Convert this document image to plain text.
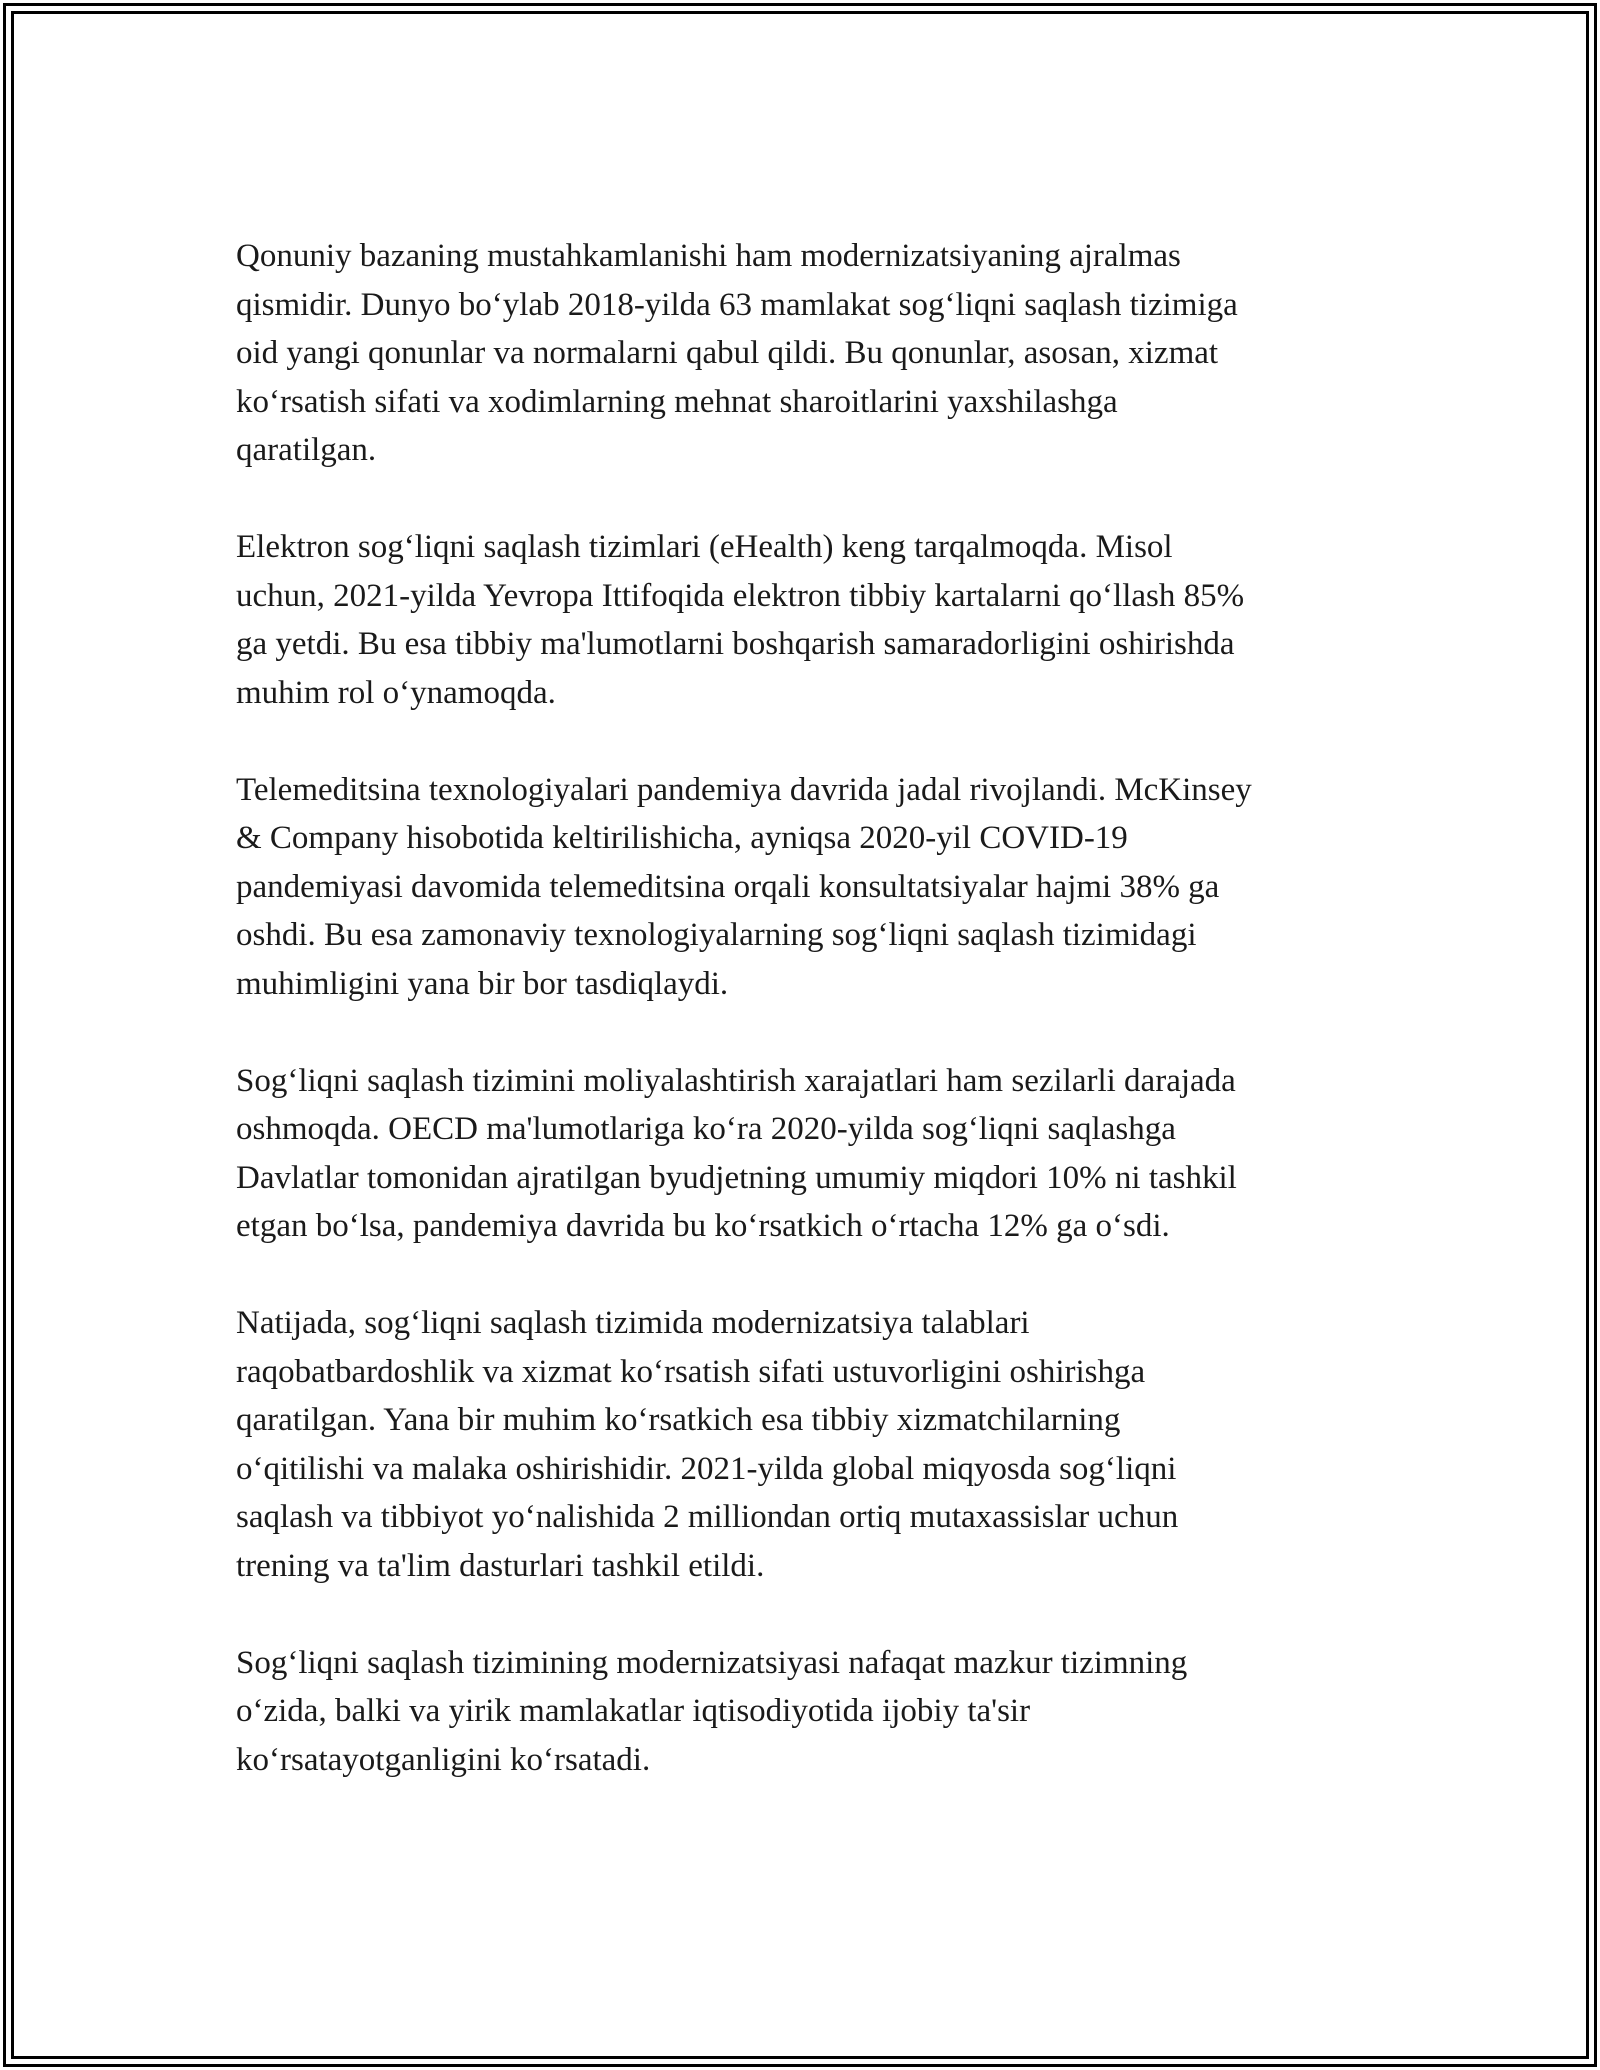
Qonuniy bazaning mustahkamlanishi ham modernizatsiyaning ajralmas
qismidir. Dunyo bo‘ylab 2018-yilda 63 mamlakat sog‘liqni saqlash tizimiga
oid yangi qonunlar va normalarni qabul qildi. Bu qonunlar, asosan, xizmat
ko‘rsatish sifati va xodimlarning mehnat sharoitlarini yaxshilashga
qaratilgan.

Elektron sog‘liqni saqlash tizimlari (eHealth) keng tarqalmoqda. Misol
uchun, 2021-yilda Yevropa Ittifoqida elektron tibbiy kartalarni qo‘llash 85%
ga yetdi. Bu esa tibbiy ma'lumotlarni boshqarish samaradorligini oshirishda
muhim rol o‘ynamoqda.

Telemeditsina texnologiyalari pandemiya davrida jadal rivojlandi. McKinsey
& Company hisobotida keltirilishicha, ayniqsa 2020-yil COVID-19
pandemiyasi davomida telemeditsina orqali konsultatsiyalar hajmi 38% ga
oshdi. Bu esa zamonaviy texnologiyalarning sog‘liqni saqlash tizimidagi
muhimligini yana bir bor tasdiqlaydi.

Sog‘liqni saqlash tizimini moliyalashtirish xarajatlari ham sezilarli darajada
oshmoqda. OECD ma'lumotlariga ko‘ra 2020-yilda sog‘liqni saqlashga
Davlatlar tomonidan ajratilgan byudjetning umumiy miqdori 10% ni tashkil
etgan bo‘lsa, pandemiya davrida bu ko‘rsatkich o‘rtacha 12% ga o‘sdi.

Natijada, sog‘liqni saqlash tizimida modernizatsiya talablari
raqobatbardoshlik va xizmat ko‘rsatish sifati ustuvorligini oshirishga
qaratilgan. Yana bir muhim ko‘rsatkich esa tibbiy xizmatchilarning
o‘qitilishi va malaka oshirishidir. 2021-yilda global miqyosda sog‘liqni
saqlash va tibbiyot yo‘nalishida 2 milliondan ortiq mutaxassislar uchun
trening va ta'lim dasturlari tashkil etildi.

Sog‘liqni saqlash tizimining modernizatsiyasi nafaqat mazkur tizimning
o‘zida, balki va yirik mamlakatlar iqtisodiyotida ijobiy ta'sir
ko‘rsatayotganligini ko‘rsatadi.
